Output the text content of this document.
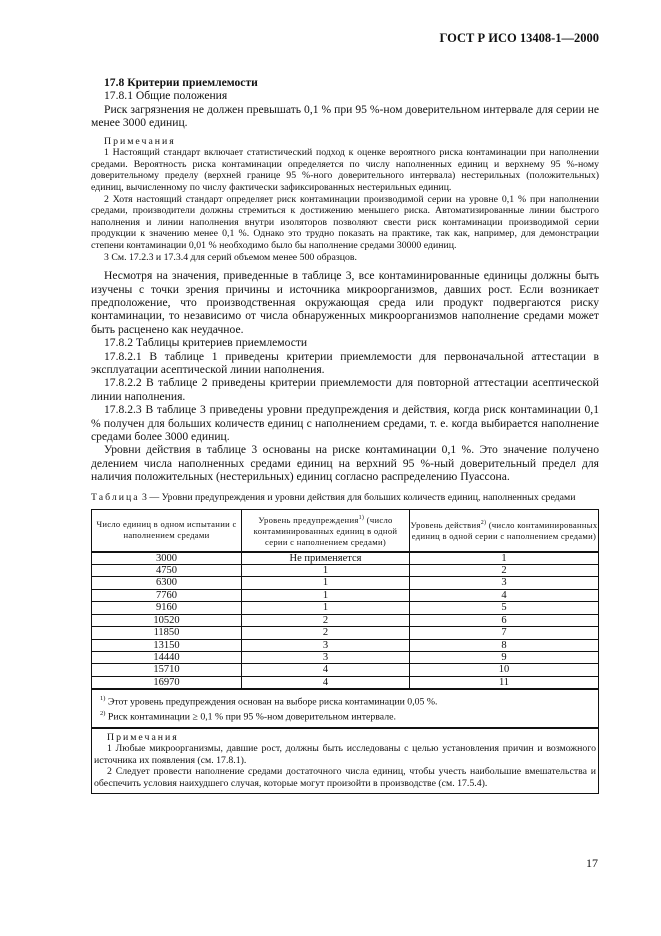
ГОСТ Р ИСО 13408-1—2000

17.8 Критерии приемлемости

17.8.1 Общие положения

Риск загрязнения не должен превышать 0,1 % при 95 %-ном доверительном интервале для серии не менее 3000 единиц.

Примечания

1 Настоящий стандарт включает статистический подход к оценке вероятного риска контаминации при наполнении средами. Вероятность риска контаминации определяется по числу наполненных единиц и верхнему 95 %-ному доверительному пределу (верхней границе 95 %-ного доверительного интервала) нестерильных (положительных) единиц, вычисленному по числу фактически зафиксированных нестерильных единиц.

2 Хотя настоящий стандарт определяет риск контаминации производимой серии на уровне 0,1 % при наполнении средами, производители должны стремиться к достижению меньшего риска. Автоматизированные линии быстрого наполнения и линии наполнения внутри изоляторов позволяют свести риск контаминации производимой серии продукции к значению менее 0,1 %. Однако это трудно показать на практике, так как, например, для демонстрации степени контаминации 0,01 % необходимо было бы наполнение средами 30000 единиц.

3 См. 17.2.3 и 17.3.4 для серий объемом менее 500 образцов.

Несмотря на значения, приведенные в таблице 3, все контаминированные единицы должны быть изучены с точки зрения причины и источника микроорганизмов, давших рост. Если возникает предположение, что производственная окружающая среда или продукт подвергаются риску контаминации, то независимо от числа обнаруженных микроорганизмов наполнение средами может быть расценено как неудачное.

17.8.2 Таблицы критериев приемлемости

17.8.2.1 В таблице 1 приведены критерии приемлемости для первоначальной аттестации в эксплуатации асептической линии наполнения.

17.8.2.2 В таблице 2 приведены критерии приемлемости для повторной аттестации асептической линии наполнения.

17.8.2.3 В таблице 3 приведены уровни предупреждения и действия, когда риск контаминации 0,1 % получен для больших количеств единиц с наполнением средами, т. е. когда выбирается наполнение средами более 3000 единиц.

Уровни действия в таблице 3 основаны на риске контаминации 0,1 %. Это значение получено делением числа наполненных средами единиц на верхний 95 %-ный доверительный предел для наличия положительных (нестерильных) единиц согласно распределению Пуассона.

Таблица 3 — Уровни предупреждения и уровни действия для больших количеств единиц, наполненных средами
Число единиц в одном испытании с наполнением средами	Уровень предупреждения$^{1)}$ (число контаминированных единиц в одной серии с наполнением средами)	Уровень действия$^{2)}$ (число контаминированных единиц в одной серии с наполнением средами)
3000	Не применяется	1
4750	1	2
6300	1	3
7760	1	4
9160	1	5
10520	2	6
11850	2	7
13150	3	8
14440	3	9
15710	4	10
16970	4	11

$^{1)}$ Этот уровень предупреждения основан на выборе риска контаминации 0,05 %.
$^{2)}$ Риск контаминации ≥ 0,1 % при 95 %-ном доверительном интервале.		

Примечания

1 Любые микроорганизмы, давшие рост, должны быть исследованы с целью установления причин и возможного источника их появления (см. 17.8.1).

2 Следует провести наполнение средами достаточного числа единиц, чтобы учесть наибольшие вмешательства и обеспечить условия наихудшего случая, которые могут произойти в производстве (см. 17.5.4).		

17
